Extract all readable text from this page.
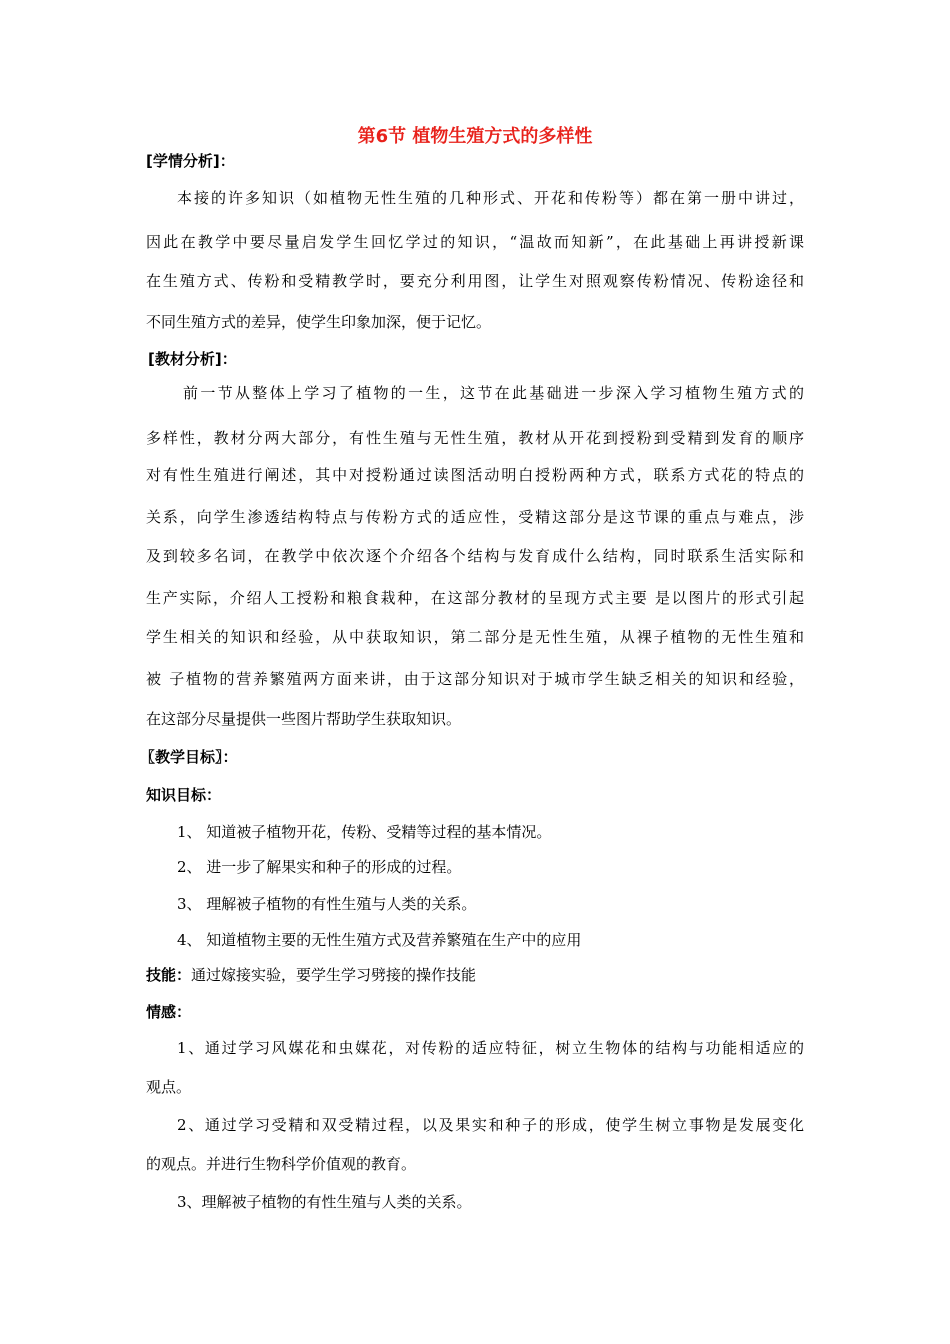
第6节 植物生殖方式的多样性
[学情分析]：
本接的许多知识（如植物无性生殖的几种形式、开花和传粉等）都在第一册中讲过，
因此在教学中要尽量启发学生回忆学过的知识，“温故而知新”，在此基础上再讲授新课
在生殖方式、传粉和受精教学时，要充分利用图，让学生对照观察传粉情况、传粉途径和
不同生殖方式的差异，使学生印象加深，便于记忆。
[教材分析]：
前一节从整体上学习了植物的一生，这节在此基础进一步深入学习植物生殖方式的
多样性，教材分两大部分，有性生殖与无性生殖，教材从开花到授粉到受精到发育的顺序
对有性生殖进行阐述，其中对授粉通过读图活动明白授粉两种方式，联系方式花的特点的
关系，向学生渗透结构特点与传粉方式的适应性，受精这部分是这节课的重点与难点，涉
及到较多名词，在教学中依次逐个介绍各个结构与发育成什么结构，同时联系生活实际和
生产实际，介绍人工授粉和粮食栽种，在这部分教材的呈现方式主要 是以图片的形式引起
学生相关的知识和经验，从中获取知识，第二部分是无性生殖，从裸子植物的无性生殖和
被 子植物的营养繁殖两方面来讲，由于这部分知识对于城市学生缺乏相关的知识和经验，
在这部分尽量提供一些图片帮助学生获取知识。
〖教学目标〗：
知识目标：
1、 知道被子植物开花，传粉、受精等过程的基本情况。
2、 进一步了解果实和种子的形成的过程。
3、 理解被子植物的有性生殖与人类的关系。
4、 知道植物主要的无性生殖方式及营养繁殖在生产中的应用
技能：通过嫁接实验，要学生学习劈接的操作技能
情感：
1、通过学习风媒花和虫媒花，对传粉的适应特征，树立生物体的结构与功能相适应的
观点。
2、通过学习受精和双受精过程，以及果实和种子的形成，使学生树立事物是发展变化
的观点。并进行生物科学价值观的教育。
3、理解被子植物的有性生殖与人类的关系。
